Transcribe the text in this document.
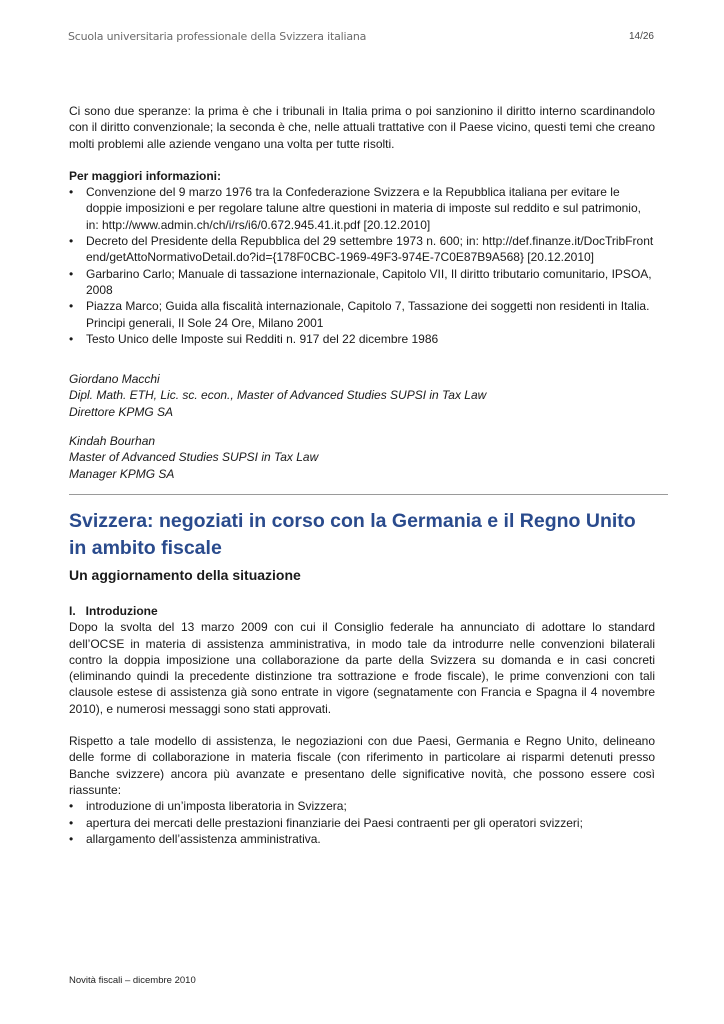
Scuola universitaria professionale della Svizzera italiana	14/26

Ci sono due speranze: la prima è che i tribunali in Italia prima o poi sanzionino il diritto interno scardinandolo con il diritto convenzionale; la seconda è che, nelle attuali trattative con il Paese vicino, questi temi che creano molti problemi alle aziende vengano una volta per tutte risolti.

Per maggiori informazioni:
• Convenzione del 9 marzo 1976 tra la Confederazione Svizzera e la Repubblica italiana per evitare le doppie imposizioni e per regolare talune altre questioni in materia di imposte sul reddito e sul patrimonio, in: http://www.admin.ch/ch/i/rs/i6/0.672.945.41.it.pdf [20.12.2010]
• Decreto del Presidente della Repubblica del 29 settembre 1973 n. 600; in: http://def.finanze.it/DocTribFrontend/getAttoNormativoDetail.do?id={178F0CBC-1969-49F3-974E-7C0E87B9A568} [20.12.2010]
• Garbarino Carlo; Manuale di tassazione internazionale, Capitolo VII, Il diritto tributario comunitario, IPSOA, 2008
• Piazza Marco; Guida alla fiscalità internazionale, Capitolo 7, Tassazione dei soggetti non residenti in Italia. Principi generali, Il Sole 24 Ore, Milano 2001
• Testo Unico delle Imposte sui Redditi n. 917 del 22 dicembre 1986
Giordano Macchi
Dipl. Math. ETH, Lic. sc. econ., Master of Advanced Studies SUPSI in Tax Law
Direttore KPMG SA
Kindah Bourhan
Master of Advanced Studies SUPSI in Tax Law
Manager KPMG SA
Svizzera: negoziati in corso con la Germania e il Regno Unito
in ambito fiscale
Un aggiornamento della situazione
I.   Introduzione

Dopo la svolta del 13 marzo 2009 con cui il Consiglio federale ha annunciato di adottare lo standard dell’OCSE in materia di assistenza amministrativa, in modo tale da introdurre nelle convenzioni bilaterali contro la doppia imposizione una collaborazione da parte della Svizzera su domanda e in casi concreti (eliminando quindi la precedente distinzione tra sottrazione e frode fiscale), le prime convenzioni con tali clausole estese di assistenza già sono entrate in vigore (segnatamente con Francia e Spagna il 4 novembre 2010), e numerosi messaggi sono stati approvati.

Rispetto a tale modello di assistenza, le negoziazioni con due Paesi, Germania e Regno Unito, delineano delle forme di collaborazione in materia fiscale (con riferimento in particolare ai risparmi detenuti presso Banche svizzere) ancora più avanzate e presentano delle significative novità, che possono essere così riassunte:

• introduzione di un’imposta liberatoria in Svizzera;
• apertura dei mercati delle prestazioni finanziarie dei Paesi contraenti per gli operatori svizzeri;
• allargamento dell’assistenza amministrativa.
Novità fiscali – dicembre 2010
